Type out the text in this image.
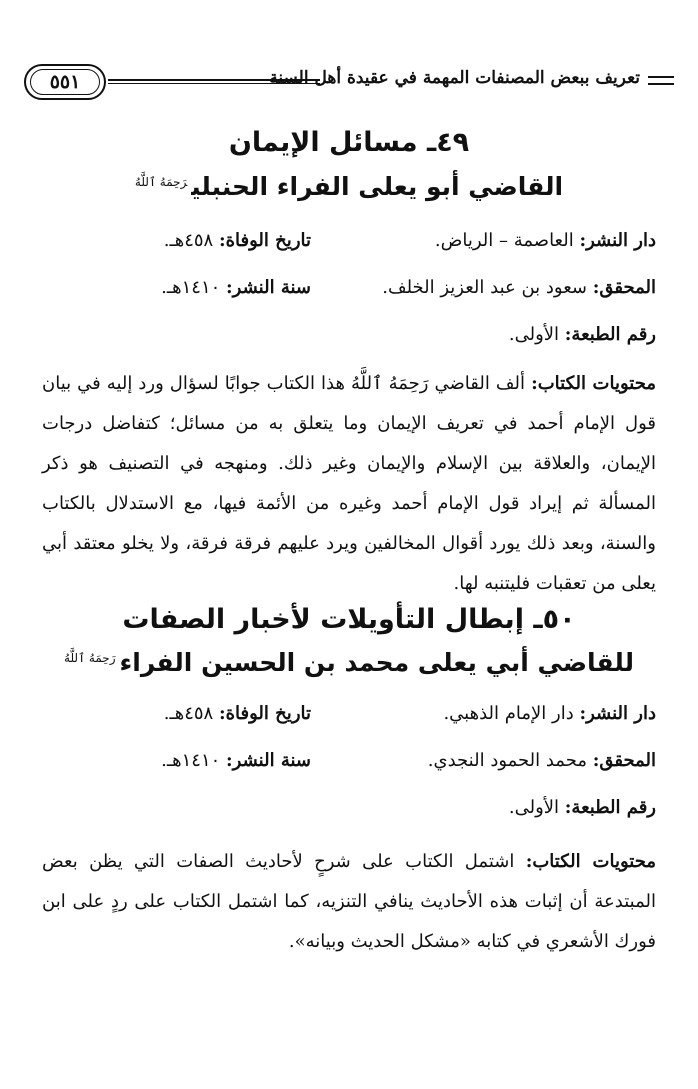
تعريف ببعض المصنفات المهمة في عقيدة أهل السنة
٥٥١
٤٩ـ مسائل الإيمان
القاضي أبو يعلى الفراء الحنبلي$^{رَحِمَهُ ٱللَّهُ}$
دار النشر: العاصمة – الرياض.
تاريخ الوفاة: ٤٥٨هـ.
المحقق: سعود بن عبد العزيز الخلف.
سنة النشر: ١٤١٠هـ.
رقم الطبعة: الأولى.

محتويات الكتاب: ألف القاضي رَحِمَهُ ٱللَّهُ هذا الكتاب جوابًا لسؤال ورد إليه في بيان قول الإمام أحمد في تعريف الإيمان وما يتعلق به من مسائل؛ كتفاضل درجات الإيمان، والعلاقة بين الإسلام والإيمان وغير ذلك. ومنهجه في التصنيف هو ذكر المسألة ثم إيراد قول الإمام أحمد وغيره من الأئمة فيها، مع الاستدلال بالكتاب والسنة، وبعد ذلك يورد أقوال المخالفين ويرد عليهم فرقة فرقة، ولا يخلو معتقد أبي يعلى من تعقبات فليتنبه لها.

٥٠ـ إبطال التأويلات لأخبار الصفات
للقاضي أبي يعلى محمد بن الحسين الفراء$^{رَحِمَهُ ٱللَّهُ}$
دار النشر: دار الإمام الذهبي.
تاريخ الوفاة: ٤٥٨هـ.
المحقق: محمد الحمود النجدي.
سنة النشر: ١٤١٠هـ.
رقم الطبعة: الأولى.

محتويات الكتاب: اشتمل الكتاب على شرحٍ لأحاديث الصفات التي يظن بعض المبتدعة أن إثبات هذه الأحاديث ينافي التنزيه، كما اشتمل الكتاب على ردٍ على ابن فورك الأشعري في كتابه «مشكل الحديث وبيانه».
